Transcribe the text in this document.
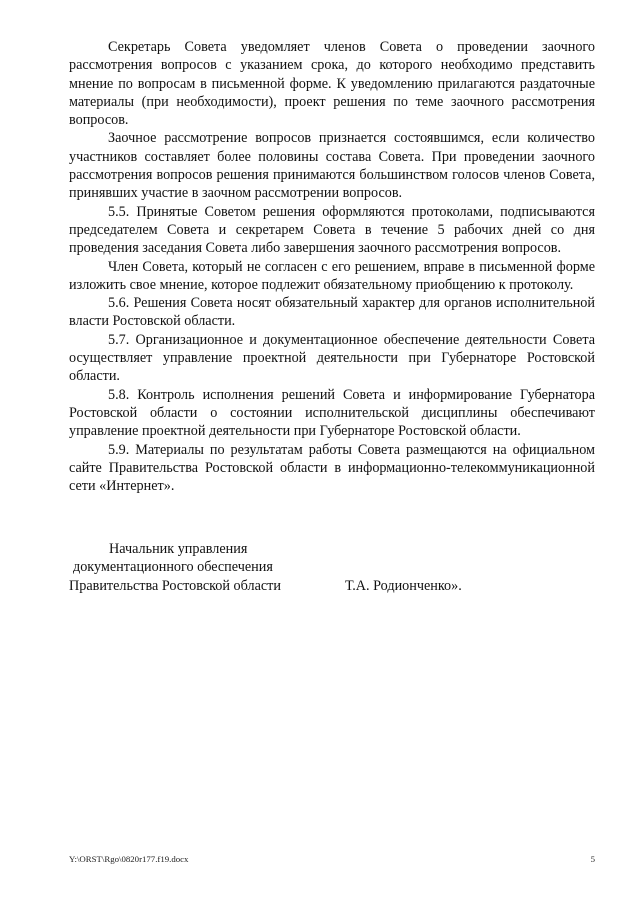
Секретарь Совета уведомляет членов Совета о проведении заочного рассмотрения вопросов с указанием срока, до которого необходимо представить мнение по вопросам в письменной форме. К уведомлению прилагаются раздаточные материалы (при необходимости), проект решения по теме заочного рассмотрения вопросов.

Заочное рассмотрение вопросов признается состоявшимся, если количество участников составляет более половины состава Совета. При проведении заочного рассмотрения вопросов решения принимаются большинством голосов членов Совета, принявших участие в заочном рассмотрении вопросов.

5.5. Принятые Советом решения оформляются протоколами, подписываются председателем Совета и секретарем Совета в течение 5 рабочих дней со дня проведения заседания Совета либо завершения заочного рассмотрения вопросов.

Член Совета, который не согласен с его решением, вправе в письменной форме изложить свое мнение, которое подлежит обязательному приобщению к протоколу.

5.6. Решения Совета носят обязательный характер для органов исполнительной власти Ростовской области.

5.7. Организационное и документационное обеспечение деятельности Совета осуществляет управление проектной деятельности при Губернаторе Ростовской области.

5.8. Контроль исполнения решений Совета и информирование Губернатора Ростовской области о состоянии исполнительской дисциплины обеспечивают управление проектной деятельности при Губернаторе Ростовской области.

5.9. Материалы по результатам работы Совета размещаются на официальном сайте Правительства Ростовской области в информационно-телекоммуникационной сети «Интернет».

Начальник управления
документационного обеспечения
Правительства Ростовской области	Т.А. Родионченко».
Y:\ORST\Rgo\0820r177.f19.docx	5
